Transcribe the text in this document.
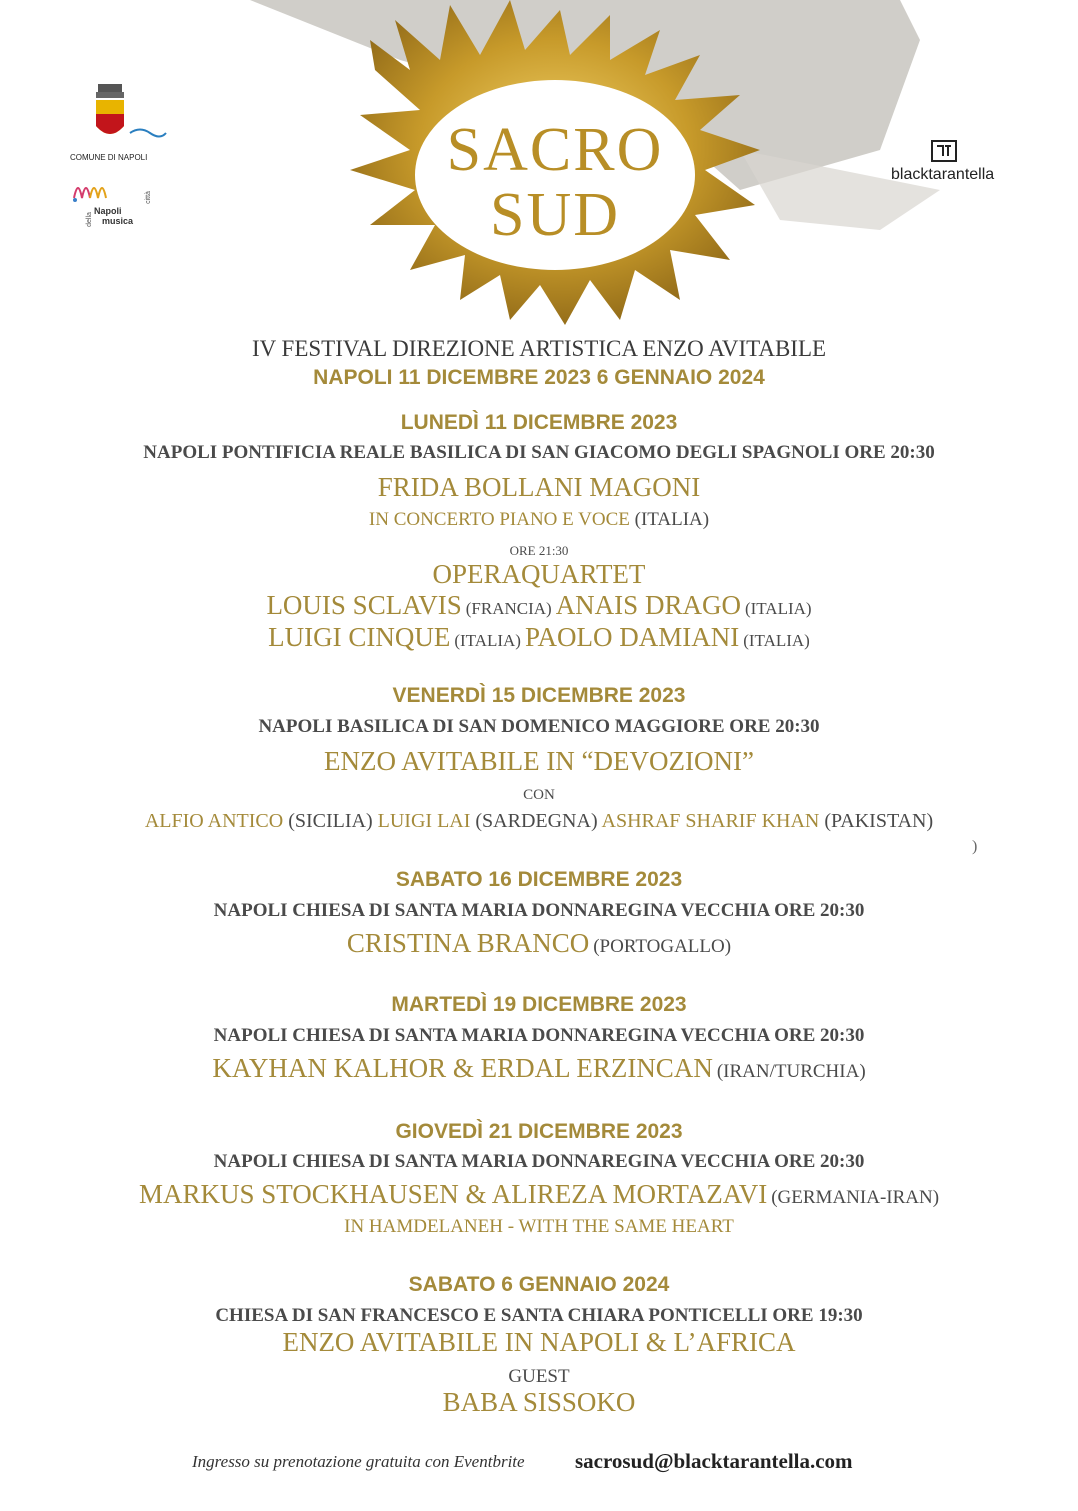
SACRO
SUD
COMUNE DI NAPOLI
Napoli
musica
città
della
blacktarantella
IV FESTIVAL DIREZIONE ARTISTICA ENZO AVITABILE
NAPOLI 11 DICEMBRE 2023 6 GENNAIO 2024
LUNEDÌ 11 DICEMBRE 2023
NAPOLI PONTIFICIA REALE BASILICA DI SAN GIACOMO DEGLI SPAGNOLI ORE 20:30
FRIDA BOLLANI MAGONI
IN CONCERTO PIANO E VOCE (ITALIA)
ORE 21:30
OPERAQUARTET
LOUIS SCLAVIS (FRANCIA) ANAIS DRAGO (ITALIA)
LUIGI CINQUE (ITALIA) PAOLO DAMIANI (ITALIA)
VENERDÌ 15 DICEMBRE 2023
NAPOLI BASILICA DI SAN DOMENICO MAGGIORE ORE 20:30
ENZO AVITABILE IN “DEVOZIONI”
CON
ALFIO ANTICO (SICILIA) LUIGI LAI (SARDEGNA) ASHRAF SHARIF KHAN (PAKISTAN)
)
SABATO 16 DICEMBRE 2023
NAPOLI CHIESA DI SANTA MARIA DONNAREGINA VECCHIA ORE 20:30
CRISTINA BRANCO (PORTOGALLO)
MARTEDÌ 19 DICEMBRE 2023
NAPOLI CHIESA DI SANTA MARIA DONNAREGINA VECCHIA ORE 20:30
KAYHAN KALHOR & ERDAL ERZINCAN (IRAN/TURCHIA)
GIOVEDÌ 21 DICEMBRE 2023
NAPOLI CHIESA DI SANTA MARIA DONNAREGINA VECCHIA ORE 20:30
MARKUS STOCKHAUSEN & ALIREZA MORTAZAVI (GERMANIA-IRAN)
IN HAMDELANEH - WITH THE SAME HEART
SABATO 6 GENNAIO 2024
CHIESA DI SAN FRANCESCO E SANTA CHIARA PONTICELLI ORE 19:30
ENZO AVITABILE IN NAPOLI & L’AFRICA
GUEST
BABA SISSOKO
Ingresso su prenotazione gratuita con Eventbrite sacrosud@blacktarantella.com
